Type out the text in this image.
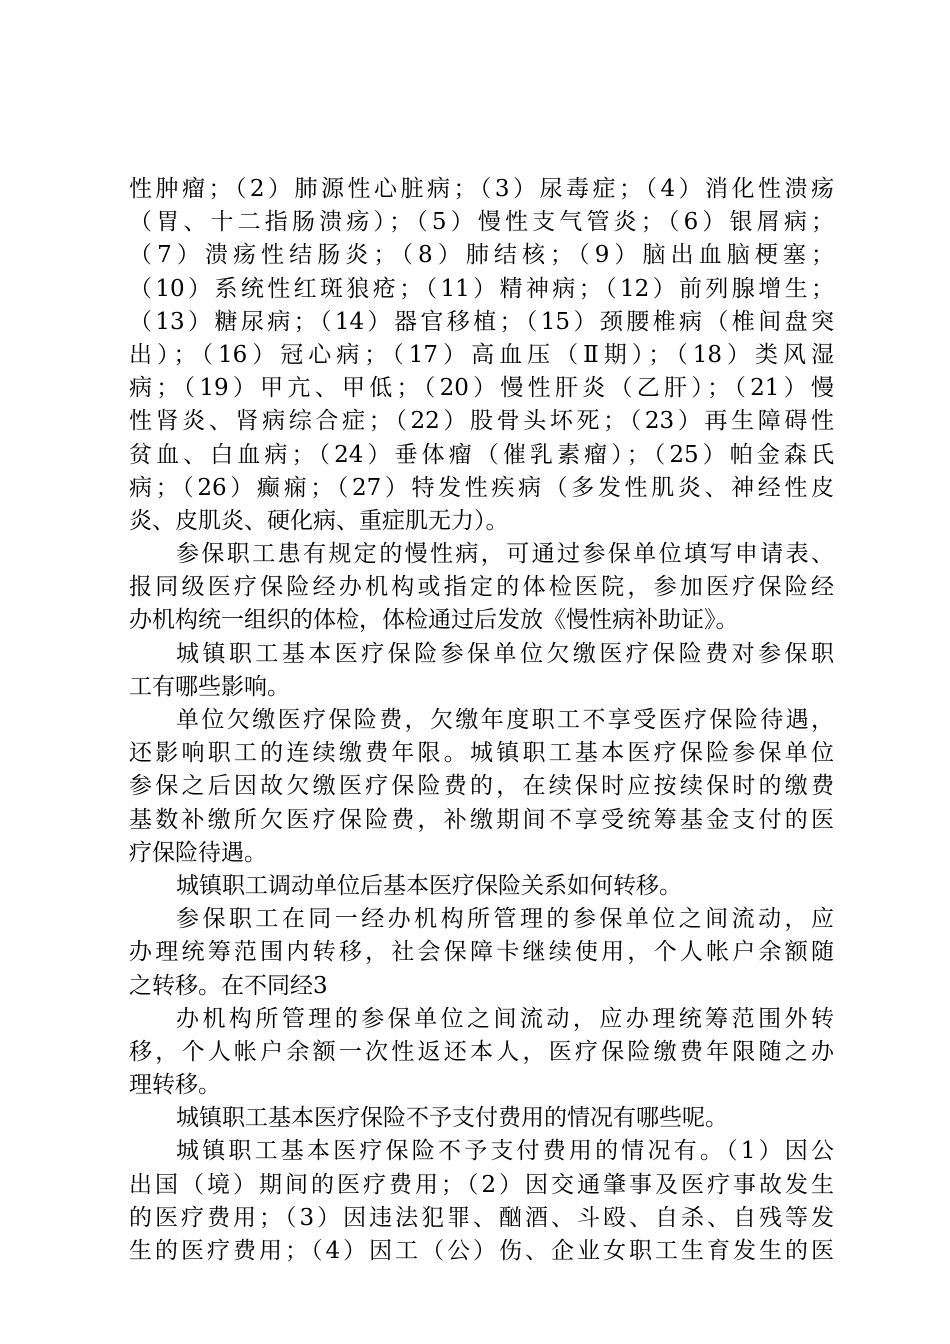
性肿瘤；（2）肺源性心脏病；（3）尿毒症；（4）消化性溃疡
（胃、十二指肠溃疡）；（5）慢性支气管炎；（6）银屑病；
（7）溃疡性结肠炎；（8）肺结核；（9）脑出血脑梗塞；
（10）系统性红斑狼疮；（11）精神病；（12）前列腺增生；
（13）糖尿病；（14）器官移植；（15）颈腰椎病（椎间盘突
出）；（16）冠心病；（17）高血压（Ⅱ期）；（18）类风湿
病；（19）甲亢、甲低；（20）慢性肝炎（乙肝）；（21）慢
性肾炎、肾病综合症；（22）股骨头坏死；（23）再生障碍性
贫血、白血病；（24）垂体瘤（催乳素瘤）；（25）帕金森氏
病；（26）癫痫；（27）特发性疾病（多发性肌炎、神经性皮
炎、皮肌炎、硬化病、重症肌无力）。
参保职工患有规定的慢性病，可通过参保单位填写申请表、
报同级医疗保险经办机构或指定的体检医院，参加医疗保险经
办机构统一组织的体检，体检通过后发放《慢性病补助证》。
城镇职工基本医疗保险参保单位欠缴医疗保险费对参保职
工有哪些影响。
单位欠缴医疗保险费，欠缴年度职工不享受医疗保险待遇，
还影响职工的连续缴费年限。城镇职工基本医疗保险参保单位
参保之后因故欠缴医疗保险费的，在续保时应按续保时的缴费
基数补缴所欠医疗保险费，补缴期间不享受统筹基金支付的医
疗保险待遇。
城镇职工调动单位后基本医疗保险关系如何转移。
参保职工在同一经办机构所管理的参保单位之间流动，应
办理统筹范围内转移，社会保障卡继续使用，个人帐户余额随
之转移。在不同经3
办机构所管理的参保单位之间流动，应办理统筹范围外转
移，个人帐户余额一次性返还本人，医疗保险缴费年限随之办
理转移。
城镇职工基本医疗保险不予支付费用的情况有哪些呢。
城镇职工基本医疗保险不予支付费用的情况有。（1）因公
出国（境）期间的医疗费用；（2）因交通肇事及医疗事故发生
的医疗费用；（3）因违法犯罪、酗酒、斗殴、自杀、自残等发
生的医疗费用；（4）因工（公）伤、企业女职工生育发生的医
